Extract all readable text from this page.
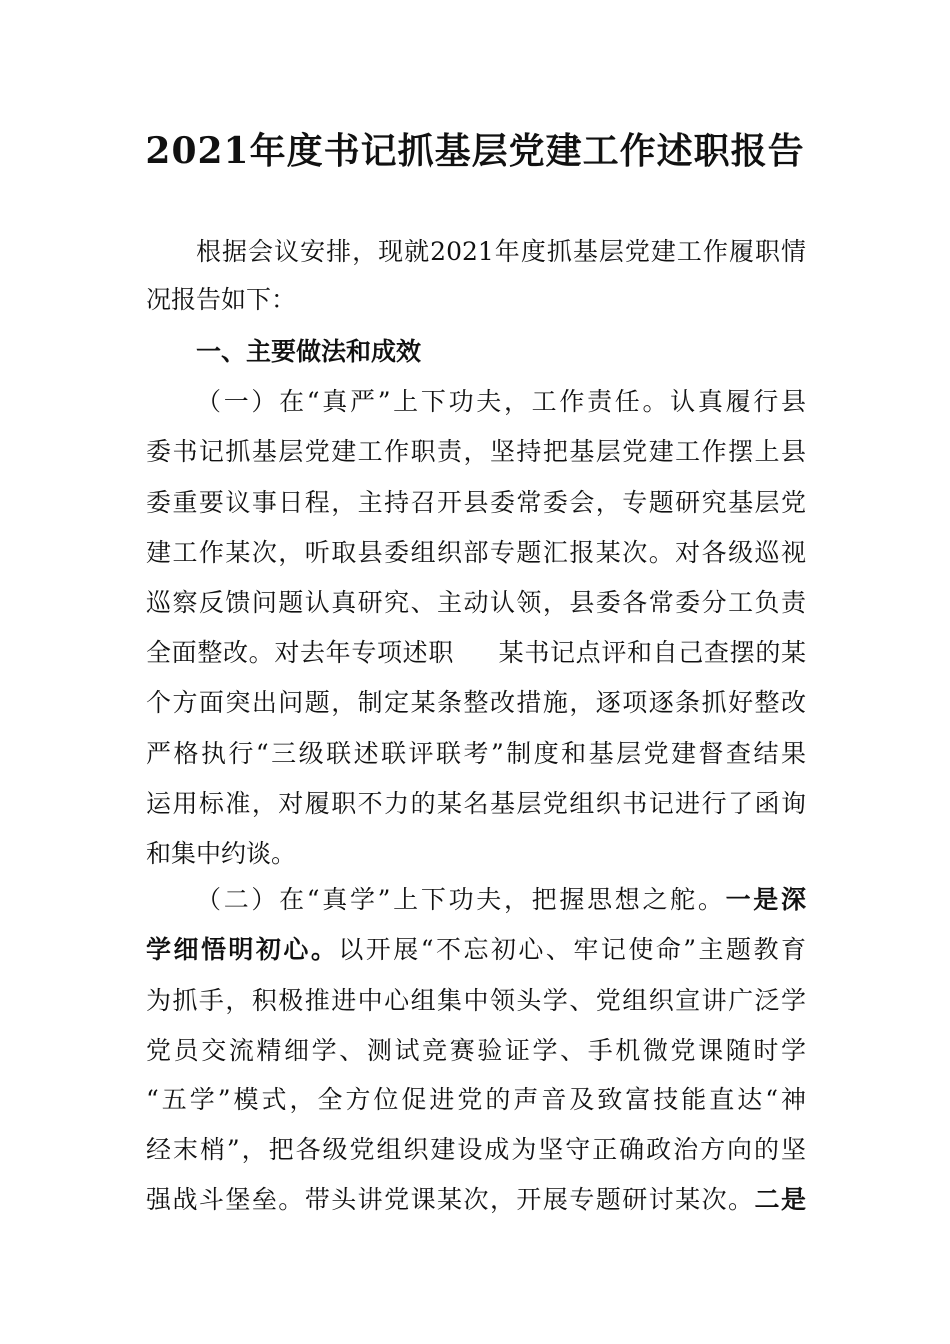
2021年度书记抓基层党建工作述职报告
根据会议安排，现就2021年度抓基层党建工作履职情
况报告如下：
一、主要做法和成效
（一）在“真严”上下功夫，工作责任。认真履行县
委书记抓基层党建工作职责，坚持把基层党建工作摆上县
委重要议事日程，主持召开县委常委会，专题研究基层党
建工作某次，听取县委组织部专题汇报某次。对各级巡视
巡察反馈问题认真研究、主动认领，县委各常委分工负责
全面整改。对去年专项述职 某书记点评和自己查摆的某
个方面突出问题，制定某条整改措施，逐项逐条抓好整改
严格执行“三级联述联评联考”制度和基层党建督查结果
运用标准，对履职不力的某名基层党组织书记进行了函询
和集中约谈。
（二）在“真学”上下功夫，把握思想之舵。一是深
学细悟明初心。以开展“不忘初心、牢记使命”主题教育
为抓手，积极推进中心组集中领头学、党组织宣讲广泛学
党员交流精细学、测试竞赛验证学、手机微党课随时学
“五学”模式，全方位促进党的声音及致富技能直达“神
经末梢”，把各级党组织建设成为坚守正确政治方向的坚
强战斗堡垒。带头讲党课某次，开展专题研讨某次。二是
